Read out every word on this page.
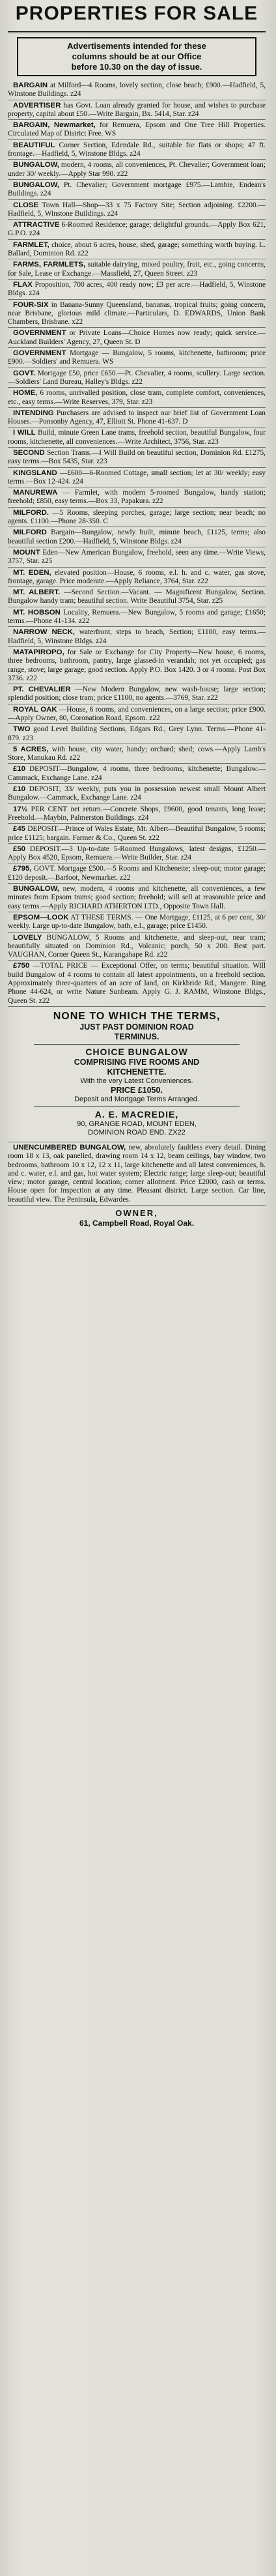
PROPERTIES FOR SALE
Advertisements intended for these
columns should be at our Office
before 10.30 on the day of issue.
BARGAIN at Milford—4 Rooms, lovely section, close beach; £900.—Hadfield, 5, Winstone Buildings. z24
ADVERTISER has Govt. Loan already granted for house, and wishes to purchase property, capital about £50.—Write Bargain, Bx. 5414, Star. z24
BARGAIN, Newmarket, for Remuera, Epsom and One Tree Hill Properties. Circulated Map of District Free. WS
BEAUTIFUL Corner Section, Edendale Rd., suitable for flats or shops; 47 ft. frontage.—Hadfield, 5, Winstone Bldgs. z24
BUNGALOW, modern, 4 rooms, all conveniences, Pt. Chevalier; Government loan; under 30/ weekly.—Apply Star 990. z22
BUNGALOW, Pt. Chevalier; Government mortgage £975.—Lambie, Endean's Buildings. z24
CLOSE Town Hall—Shop—33 x 75 Factory Site; Section adjoining. £2200.—Hadfield, 5, Winstone Buildings. z24
ATTRACTIVE 6-Roomed Residence; garage; delightful grounds.—Apply Box 621, G.P.O. z24
FARMLET, choice, about 6 acres, house, shed, garage; something worth buying. L. Ballard, Dominion Rd. z22
FARMS, FARMLETS, suitable dairying, mixed poultry, fruit, etc., going concerns, for Sale, Lease or Exchange.—Massfield, 27, Queen Street. z23
FLAX Proposition, 700 acres, 400 ready now; £3 per acre.—Hadfield, 5, Winstone Bldgs. z24
FOUR-SIX in Banana-Sunny Queensland, bananas, tropical fruits; going concern, near Brisbane, glorious mild climate.—Particulars, D. EDWARDS, Union Bank Chambers, Brisbane. x22
GOVERNMENT or Private Loans—Choice Homes now ready; quick service.—Auckland Builders' Agency, 27, Queen St. D
GOVERNMENT Mortgage — Bungalow, 5 rooms, kitchenette, bathroom; price £900.—Soldiers' and Remuera. WS
GOVT. Mortgage £50, price £650.—Pt. Chevalier, 4 rooms, scullery. Large section.—Soldiers' Land Bureau, Halley's Bldgs. z22
HOME, 6 rooms, unrivalled position, close tram, complete comfort, conveniences, etc., easy terms.—Write Reserves, 379, Star. z23
INTENDING Purchasers are advised to inspect our brief list of Government Loan Houses.—Ponsonby Agency, 47, Elliott St. Phone 41-637. D
I WILL Build, minute Green Lane trams, freehold section, beautiful Bungalow, four rooms, kitchenette, all conveniences.—Write Architect, 3756, Star. z23
SECOND Section Trams.—I Will Build on beautiful section, Dominion Rd. £1275, easy terms.—Box 5435, Star. z23
KINGSLAND —£600—6-Roomed Cottage, small section; let at 30/ weekly; easy terms.—Box 12-424. z24
MANUREWA — Farmlet, with modern 5-roomed Bungalow, handy station; freehold; £850, easy terms.—Box 33, Papakura. z22
MILFORD. —5 Rooms, sleeping porches, garage; large section; near beach; no agents. £1100.—Phone 28-350. C
MILFORD Bargain—Bungalow, newly built, minute beach, £1125, terms; also beautiful section £200.—Hadfield, 5, Winstone Bldgs. z24
MOUNT Eden—New American Bungalow, freehold, seen any time.—Write Views, 3757, Star. z25
MT. EDEN, elevated position—House, 6 rooms, e.l. h. and c. water, gas stove, frontage, garage. Price moderate.—Apply Reliance, 3764, Star. z22
MT. ALBERT. —Second Section.—Vacant. — Magnificent Bungalow, Section. Bungalow handy tram; beautiful section. Write Beautiful 3754, Star. z25
MT. HOBSON Locality, Remuera.—New Bungalow, 5 rooms and garage; £1650; terms.—Phone 41-134. z22
NARROW NECK, waterfront, steps to beach, Section; £1100, easy terms.—Hadfield, 5, Winstone Bldgs. z24
MATAPIROPO, for Sale or Exchange for City Property—New house, 6 rooms, three bedrooms, bathroom, pantry, large glassed-in verandah; not yet occupied; gas range, stove; large garage; good section. Apply P.O. Box 1420. 3 or 4 rooms. Post Box 3736. z22
PT. CHEVALIER —New Modern Bungalow, new wash-house; large section; splendid position; close tram; price £1100, no agents.—3769, Star. z22
ROYAL OAK —House, 6 rooms, and conveniences, on a large section; price £900.—Apply Owner, 80, Coronation Road, Epsom. z22
TWO good Level Building Sections, Edgars Rd., Grey Lynn. Terms.—Phone 41-879. z23
5 ACRES, with house, city water, handy; orchard; shed; cows.—Apply Lamb's Store, Manukau Rd. z22
£10 DEPOSIT—Bungalow, 4 rooms, three bedrooms, kitchenette; Bungalow.—Cammack, Exchange Lane. z24
£10 DEPOSIT, 33/ weekly, puts you in possession newest small Mount Albert Bungalow.—Cammack, Exchange Lane. z24
17½ PER CENT net return.—Concrete Shops, £9600, good tenants, long lease; Freehold.—Maybin, Palmerston Buildings. z24
£45 DEPOSIT—Prince of Wales Estate, Mt. Albert—Beautiful Bungalow, 5 rooms; price £1125; bargain. Farmer & Co., Queen St. z22
£50 DEPOSIT.—3 Up-to-date 5-Roomed Bungalows, latest designs, £1250.—Apply Box 4520, Epsom, Remuera.—Write Builder, Star. z24
£795, GOVT. Mortgage £500.—5 Rooms and Kitchenette; sleep-out; motor garage; £120 deposit.—Barfoot, Newmarket. z22
BUNGALOW, new, modern, 4 rooms and kitchenette, all conveniences, a few minutes from Epsom trams; good section; freehold; will sell at reasonable price and easy terms.—Apply RICHARD ATHERTON LTD., Opposite Town Hall.
EPSOM—LOOK AT THESE TERMS. — One Mortgage, £1125, at 6 per cent, 30/ weekly. Large up-to-date Bungalow, bath, e.l., garage; price £1450.
LOVELY BUNGALOW, 5 Rooms and kitchenette, and sleep-out, near tram; beautifully situated on Dominion Rd., Volcanic; porch, 50 x 200. Best part. VAUGHAN, Corner Queen St., Karangahape Rd. z22
£750 —TOTAL PRICE — Exceptional Offer, on terms; beautiful situation. Will build Bungalow of 4 rooms to contain all latest appointments, on a freehold section. Approximately three-quarters of an acre of land, on Kirkbride Rd., Mangere. Ring Phone 44-624, or write Nature Sunbeam. Apply G. J. RAMM, Winstone Bldgs., Queen St. z22
NONE TO WHICH THE TERMS,
JUST PAST DOMINION ROAD
TERMINUS.
CHOICE BUNGALOW
COMPRISING FIVE ROOMS AND
KITCHENETTE.
With the very Latest Conveniences.
PRICE £1050.
Deposit and Mortgage Terms Arranged.
A. E. MACREDIE,
90, GRANGE ROAD, MOUNT EDEN,
DOMINION ROAD END. ZX22
UNENCUMBERED BUNGALOW, new, absolutely faultless every detail. Dining room 18 x 13, oak panelled, drawing room 14 x 12, beam ceilings, bay window, two bedrooms, bathroom 10 x 12, 12 x 11, large kitchenette and all latest conveniences, h. and c. water, e.l. and gas, hot water system; Electric range; large sleep-out; beautiful view; motor garage, central location; corner allotment. Price £2000, cash or terms. House open for inspection at any time. Pleasant district. Large section. Car line, beautiful view. The Peninsula, Edwardes.
OWNER,
61, Campbell Road, Royal Oak.
